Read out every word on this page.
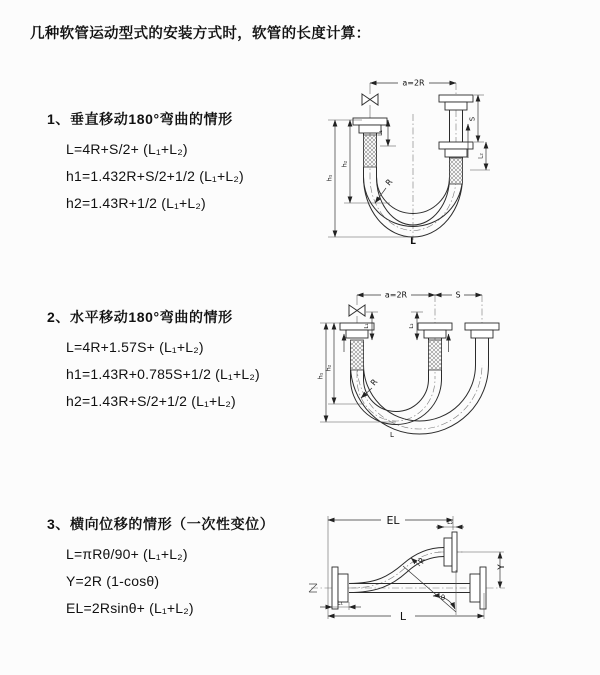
几种软管运动型式的安装方式时，软管的长度计算：

1、垂直移动180°弯曲的情形

L=4R+S/2+ (L₁+L₂)

h1=1.432R+S/2+1/2 (L₁+L₂)

h2=1.43R+1/2 (L₁+L₂)

2、水平移动180°弯曲的情形

L=4R+1.57S+ (L₁+L₂)

h1=1.43R+0.785S+1/2 (L₁+L₂)

h2=1.43R+S/2+1/2 (L₁+L₂)

3、横向位移的情形（一次性变位）

L=πRθ/90+ (L₁+L₂)

Y=2R (1-cosθ)

EL=2Rsinθ+ (L₁+L₂)

a=2R
h₁
h₂
L₁
S
L₂
R
L
a=2R	S
h₁
h₂
L₁	L₂
R
L
EL	L₂
Y
R
θ
L
L₁
